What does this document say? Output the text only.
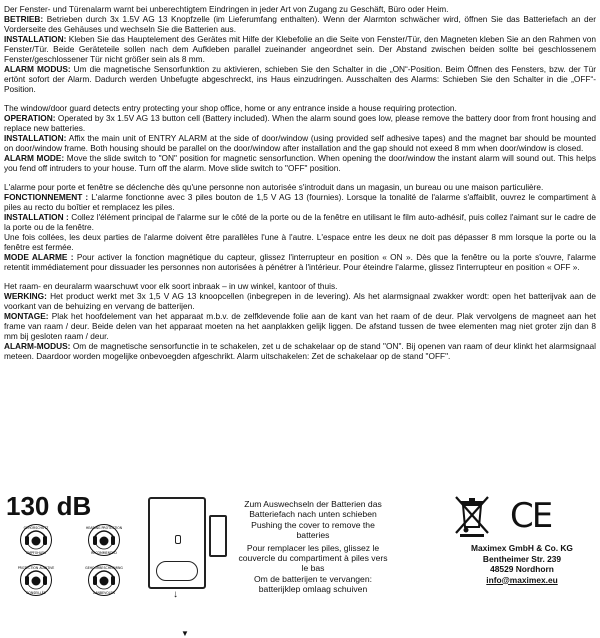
Der Fenster- und Türenalarm warnt bei unberechtigtem Eindringen in jeder Art von Zugang zu Geschäft, Büro oder Heim.

BETRIEB: Betrieben durch 3x 1.5V AG 13 Knopfzelle (im Lieferumfang enthalten). Wenn der Alarmton schwächer wird, öffnen Sie das Batteriefach an der Vorderseite des Gehäuses und wechseln Sie die Batterien aus.

INSTALLATION: Kleben Sie das Hauptelement des Gerätes mit Hilfe der Klebefolie an die Seite von Fenster/Tür, den Magneten kleben Sie an den Rahmen von Fenster/Tür. Beide Geräteteile sollen nach dem Aufkleben parallel zueinander angeordnet sein. Der Abstand zwischen beiden sollte bei geschlossenem Fenster/geschlossener Tür nicht größer sein als 8 mm.

ALARM MODUS: Um die magnetische Sensorfunktion zu aktivieren, schieben Sie den Schalter in die „ON“-Position. Beim Öffnen des Fensters, bzw. der Tür ertönt sofort der Alarm. Dadurch werden Unbefugte abgeschreckt, ins Haus einzudringen. Ausschalten des Alarms: Schieben Sie den Schalter in die „OFF“-Position.

The window/door guard detects entry protecting your shop office, home or any entrance inside a house requiring protection.

OPERATION: Operated by 3x 1.5V AG 13 button cell (Battery included). When the alarm sound goes low, please remove the battery door from front housing and replace new batteries.

INSTALLATION: Affix the main unit of ENTRY ALARM at the side of door/window (using provided self adhesive tapes) and the magnet bar should be mounted on door/window frame. Both housing should be parallel on the door/window after installation and the gap should not exeed 8 mm when door/window is closed.

ALARM MODE: Move the slide switch to "ON" position for magnetic sensorfunction. When opening the door/window the instant alarm will sound out. This helps you fend off intruders to your house. Turn off the alarm. Move slide switch to "OFF" position.

L'alarme pour porte et fenêtre se déclenche dès qu'une personne non autorisée s'introduit dans un magasin, un bureau ou une maison particulière.

FONCTIONNEMENT : L'alarme fonctionne avec 3 piles bouton de 1,5 V AG 13 (fournies). Lorsque la tonalité de l'alarme s'affaiblit, ouvrez le compartiment à piles au recto du boîtier et remplacez les piles.

INSTALLATION : Collez l'élément principal de l'alarme sur le côté de la porte ou de la fenêtre en utilisant le film auto-adhésif, puis collez l'aimant sur le cadre de la porte ou de la fenêtre.

Une fois collées, les deux parties de l'alarme doivent être parallèles l'une à l'autre. L'espace entre les deux ne doit pas dépasser 8 mm lorsque la porte ou la fenêtre est fermée.

MODE ALARME : Pour activer la fonction magnétique du capteur, glissez l'interrupteur en position « ON ». Dès que la fenêtre ou la porte s'ouvre, l'alarme retentit immédiatement pour dissuader les personnes non autorisées à pénétrer à l'intérieur. Pour éteindre l'alarme, glissez l'interrupteur en position « OFF ».

Het raam- en deuralarm waarschuwt voor elk soort inbraak – in uw winkel, kantoor of thuis.

WERKING: Het product werkt met 3x 1,5 V AG 13 knoopcellen (inbegrepen in de levering). Als het alarmsignaal zwakker wordt: open het batterijvak aan de voorkant van de behuizing en vervang de batterijen.

MONTAGE: Plak het hoofdelement van het apparaat m.b.v. de zelfklevende folie aan de kant van het raam of de deur. Plak vervolgens de magneet aan het frame van raam / deur. Beide delen van het apparaat moeten na het aanplakken gelijk liggen. De afstand tussen de twee elementen mag niet groter zijn dan 8 mm bij gesloten raam / deur.

ALARM-MODUS: Om de magnetische sensorfunctie in te schakelen, zet u de schakelaar op de stand "ON". Bij openen van raam of deur klinkt het alarmsignaal meteen. Daardoor worden mogelijke onbevoegden afgeschrikt. Alarm uitschakelen: Zet de schakelaar op de stand "OFF".

130 dB
GEHÖRSCHUTZ
EMPFOHLEN
HEARING PROTECTION
RECOMMENDED
PROTECTION AUDITIVE
CONSEILLÉE
GEHOORBESCHERMING
AANBEVOLEN
▼
↓

Zum Auswechseln der Batterien das Batteriefach nach unten schieben

Pushing the cover to remove the batteries

Pour remplacer les piles, glissez le couvercle du compartiment à piles vers le bas

Om de batterijen te vervangen: batterijklep omlaag schuiven

CE

Maximex GmbH & Co. KG

Bentheimer Str. 239

48529 Nordhorn

info@maximex.eu
